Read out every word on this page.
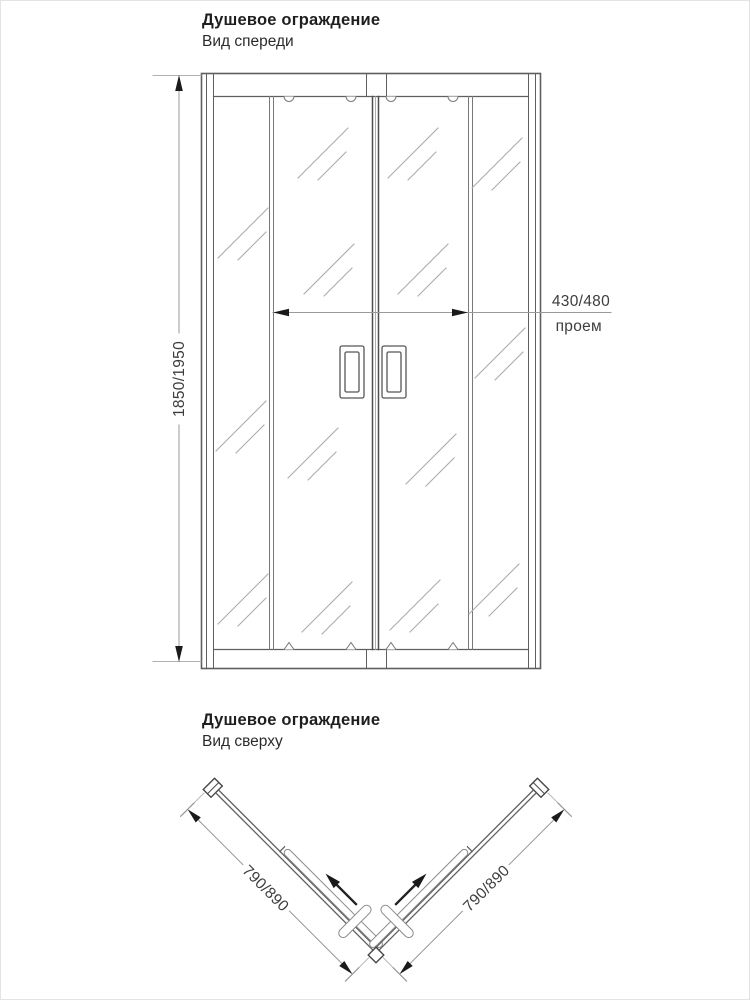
Душевое ограждение
Вид спереди
Душевое ограждение
Вид сверху
1850/1950
430/480
проем
790/890	790/890
